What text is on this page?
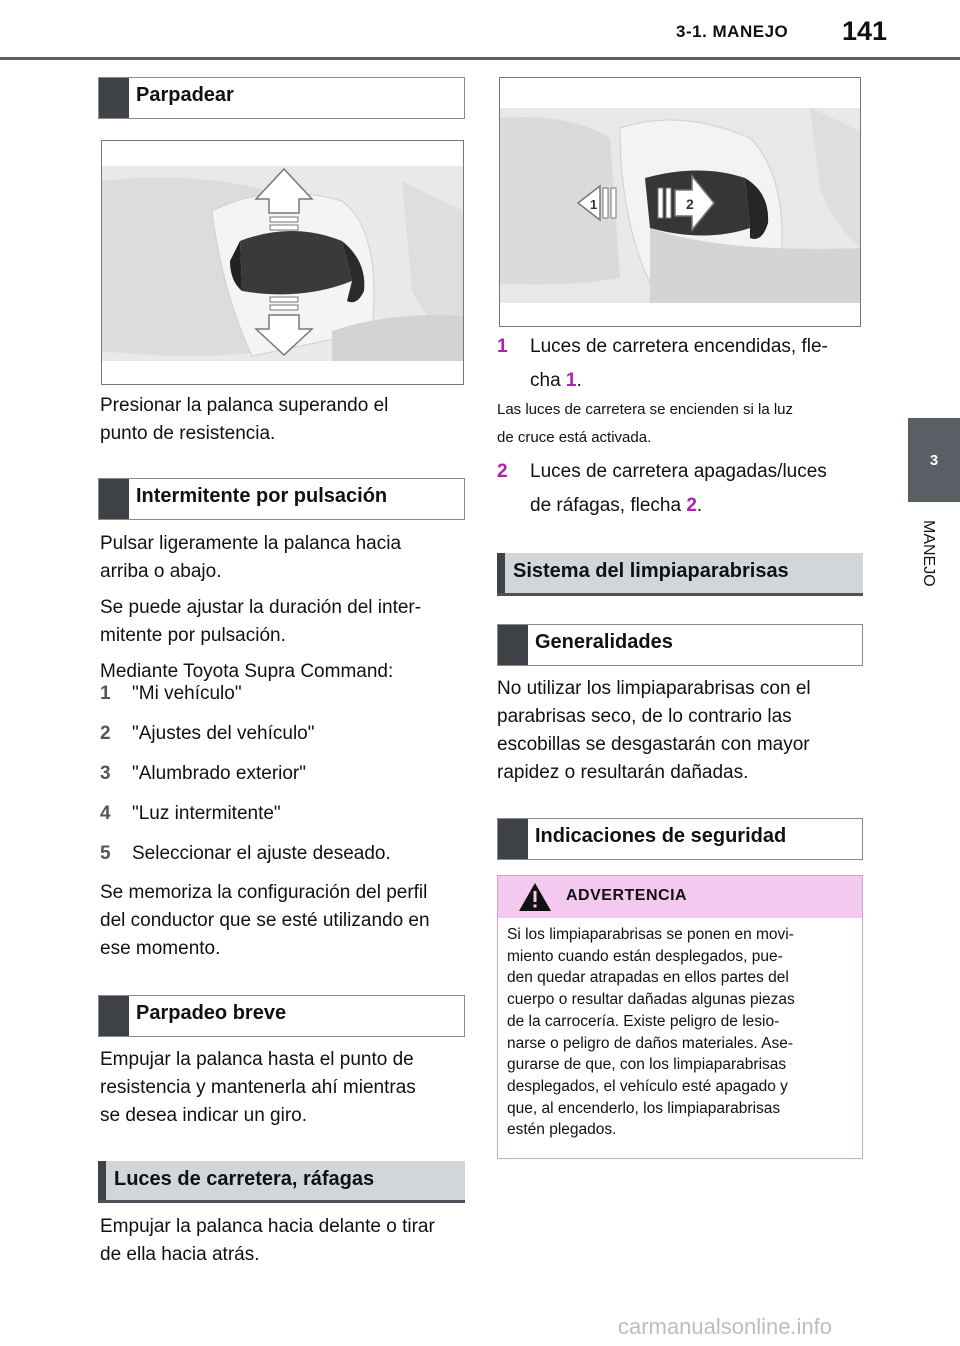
3-1. MANEJO 141
3
MANEJO
Parpadear
Presionar la palanca superando el
punto de resistencia.
Intermitente por pulsación
Pulsar ligeramente la palanca hacia
arriba o abajo.
Se puede ajustar la duración del inter-
mitente por pulsación.
Mediante Toyota Supra Command:
1 "Mi vehículo"
2 "Ajustes del vehículo"
3 "Alumbrado exterior"
4 "Luz intermitente"
5 Seleccionar el ajuste deseado.
Se memoriza la configuración del perfil
del conductor que se esté utilizando en
ese momento.
Parpadeo breve
Empujar la palanca hasta el punto de
resistencia y mantenerla ahí mientras
se desea indicar un giro.
Luces de carretera, ráfagas
Empujar la palanca hacia delante o tirar
de ella hacia atrás.
1	2
1 Luces de carretera encendidas, fle-
cha 1.
Las luces de carretera se encienden si la luz
de cruce está activada.
2 Luces de carretera apagadas/luces
de ráfagas, flecha 2.
Sistema del limpiaparabrisas
Generalidades
No utilizar los limpiaparabrisas con el
parabrisas seco, de lo contrario las
escobillas se desgastarán con mayor
rapidez o resultarán dañadas.
Indicaciones de seguridad
ADVERTENCIA
Si los limpiaparabrisas se ponen en movi-
miento cuando están desplegados, pue-
den quedar atrapadas en ellos partes del
cuerpo o resultar dañadas algunas piezas
de la carrocería. Existe peligro de lesio-
narse o peligro de daños materiales. Ase-
gurarse de que, con los limpiaparabrisas
desplegados, el vehículo esté apagado y
que, al encenderlo, los limpiaparabrisas
estén plegados.
carmanualsonline.info
